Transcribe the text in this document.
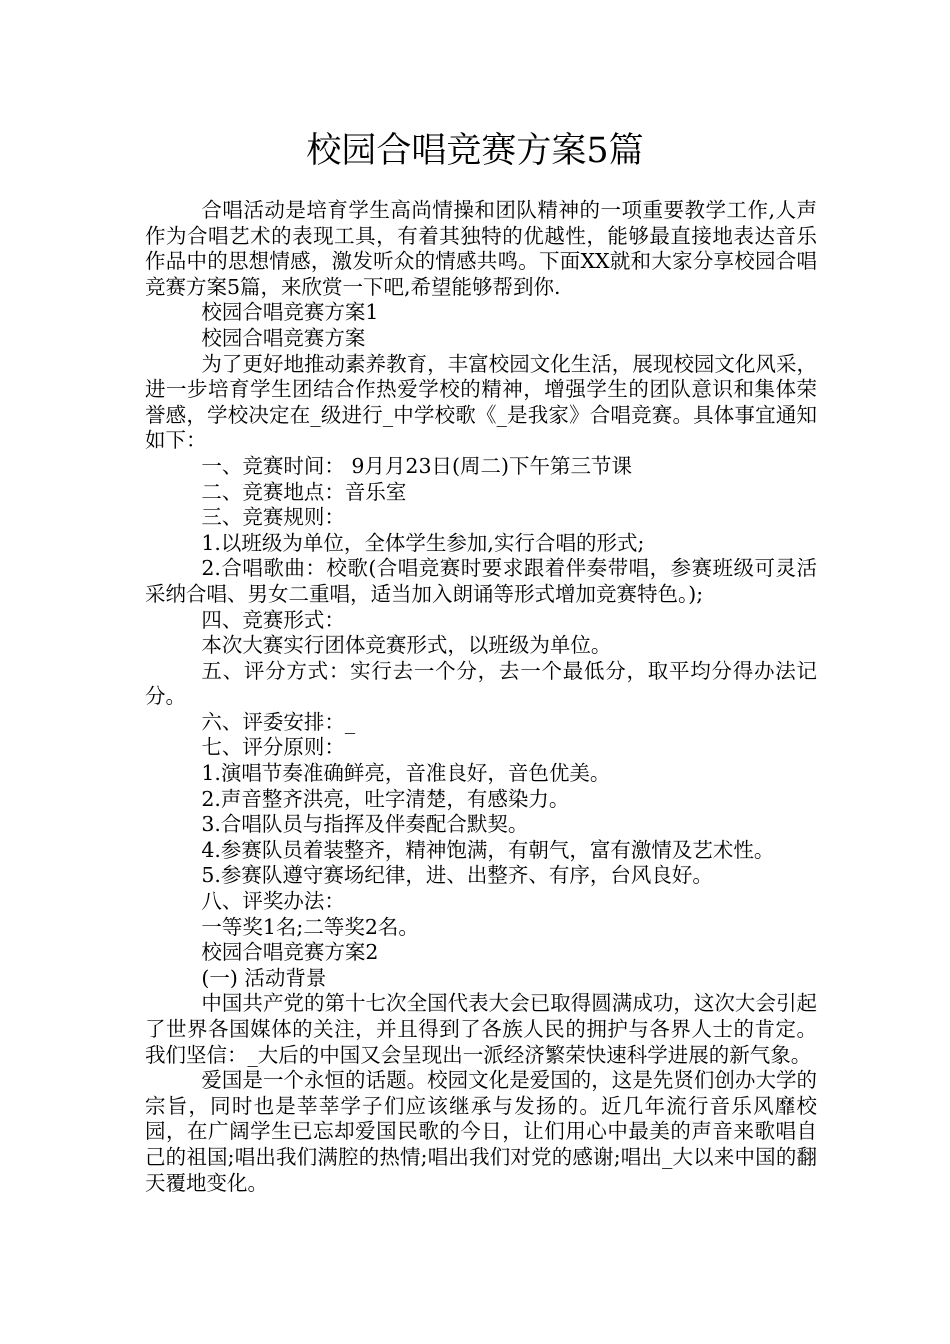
校园合唱竞赛方案5篇

合唱活动是培育学生高尚情操和团队精神的一项重要教学工作,人声作为合唱艺术的表现工具，有着其独特的优越性，能够最直接地表达音乐作品中的思想情感，激发听众的情感共鸣。下面XX就和大家分享校园合唱竞赛方案5篇，来欣赏一下吧,希望能够帮到你.

校园合唱竞赛方案1

校园合唱竞赛方案

为了更好地推动素养教育，丰富校园文化生活，展现校园文化风采，进一步培育学生团结合作热爱学校的精神，增强学生的团队意识和集体荣誉感，学校决定在_级进行_中学校歌《_是我家》合唱竞赛。具体事宜通知如下：

一、竞赛时间： 9月月23日(周二)下午第三节课

二、竞赛地点：音乐室

三、竞赛规则：

1.以班级为单位，全体学生参加,实行合唱的形式;

2.合唱歌曲：校歌(合唱竞赛时要求跟着伴奏带唱，参赛班级可灵活采纳合唱、男女二重唱，适当加入朗诵等形式增加竞赛特色。);

四、竞赛形式：

本次大赛实行团体竞赛形式，以班级为单位。

五、评分方式：实行去一个分，去一个最低分，取平均分得办法记分。

六、评委安排：_

七、评分原则：

1.演唱节奏准确鲜亮，音准良好，音色优美。

2.声音整齐洪亮，吐字清楚，有感染力。

3.合唱队员与指挥及伴奏配合默契。

4.参赛队员着装整齐，精神饱满，有朝气，富有激情及艺术性。

5.参赛队遵守赛场纪律，进、出整齐、有序，台风良好。

八、评奖办法：

一等奖1名;二等奖2名。

校园合唱竞赛方案2

(一) 活动背景

中国共产党的第十七次全国代表大会已取得圆满成功，这次大会引起了世界各国媒体的关注，并且得到了各族人民的拥护与各界人士的肯定。我们坚信：_大后的中国又会呈现出一派经济繁荣快速科学进展的新气象。

爱国是一个永恒的话题。校园文化是爱国的，这是先贤们创办大学的宗旨，同时也是莘莘学子们应该继承与发扬的。近几年流行音乐风靡校园，在广阔学生已忘却爱国民歌的今日，让们用心中最美的声音来歌唱自己的祖国;唱出我们满腔的热情;唱出我们对党的感谢;唱出_大以来中国的翻天覆地变化。
